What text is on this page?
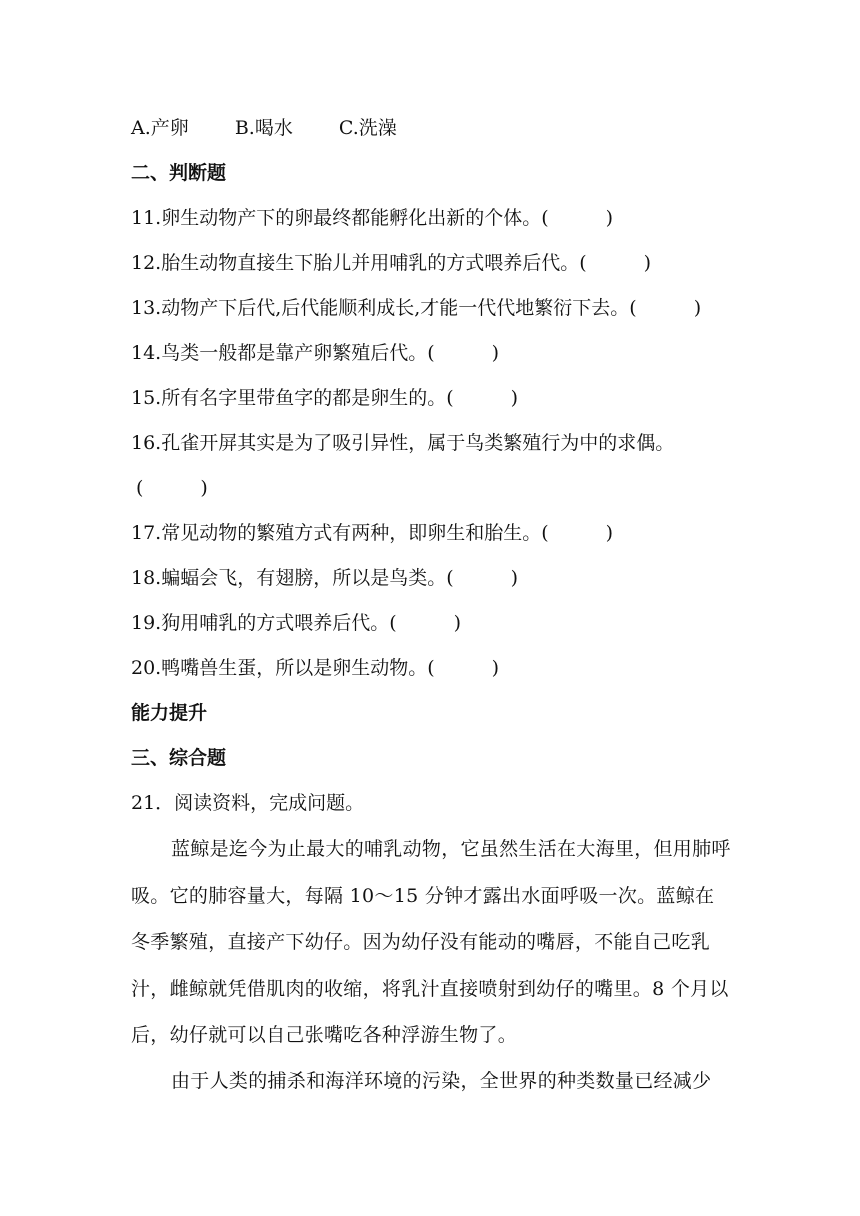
A.产卵 B.喝水 C.洗澡
二、判断题
11.卵生动物产下的卵最终都能孵化出新的个体。(　　　)
12.胎生动物直接生下胎儿并用哺乳的方式喂养后代。(　　　)
13.动物产下后代,后代能顺利成长,才能一代代地繁衍下去。(　　　)
14.鸟类一般都是靠产卵繁殖后代。(　　　)
15.所有名字里带鱼字的都是卵生的。(　　　)
16.孔雀开屏其实是为了吸引异性，属于鸟类繁殖行为中的求偶。
(　　　)
17.常见动物的繁殖方式有两种，即卵生和胎生。(　　　)
18.蝙蝠会飞，有翅膀，所以是鸟类。(　　　)
19.狗用哺乳的方式喂养后代。(　　　)
20.鸭嘴兽生蛋，所以是卵生动物。(　　　)
能力提升
三、综合题
21．阅读资料，完成问题。
蓝鲸是迄今为止最大的哺乳动物，它虽然生活在大海里，但用肺呼吸。它的肺容量大，每隔 10～15 分钟才露出水面呼吸一次。蓝鲸在冬季繁殖，直接产下幼仔。因为幼仔没有能动的嘴唇，不能自己吃乳汁，雌鲸就凭借肌肉的收缩，将乳汁直接喷射到幼仔的嘴里。8 个月以后，幼仔就可以自己张嘴吃各种浮游生物了。
由于人类的捕杀和海洋环境的污染，全世界的种类数量已经减少
